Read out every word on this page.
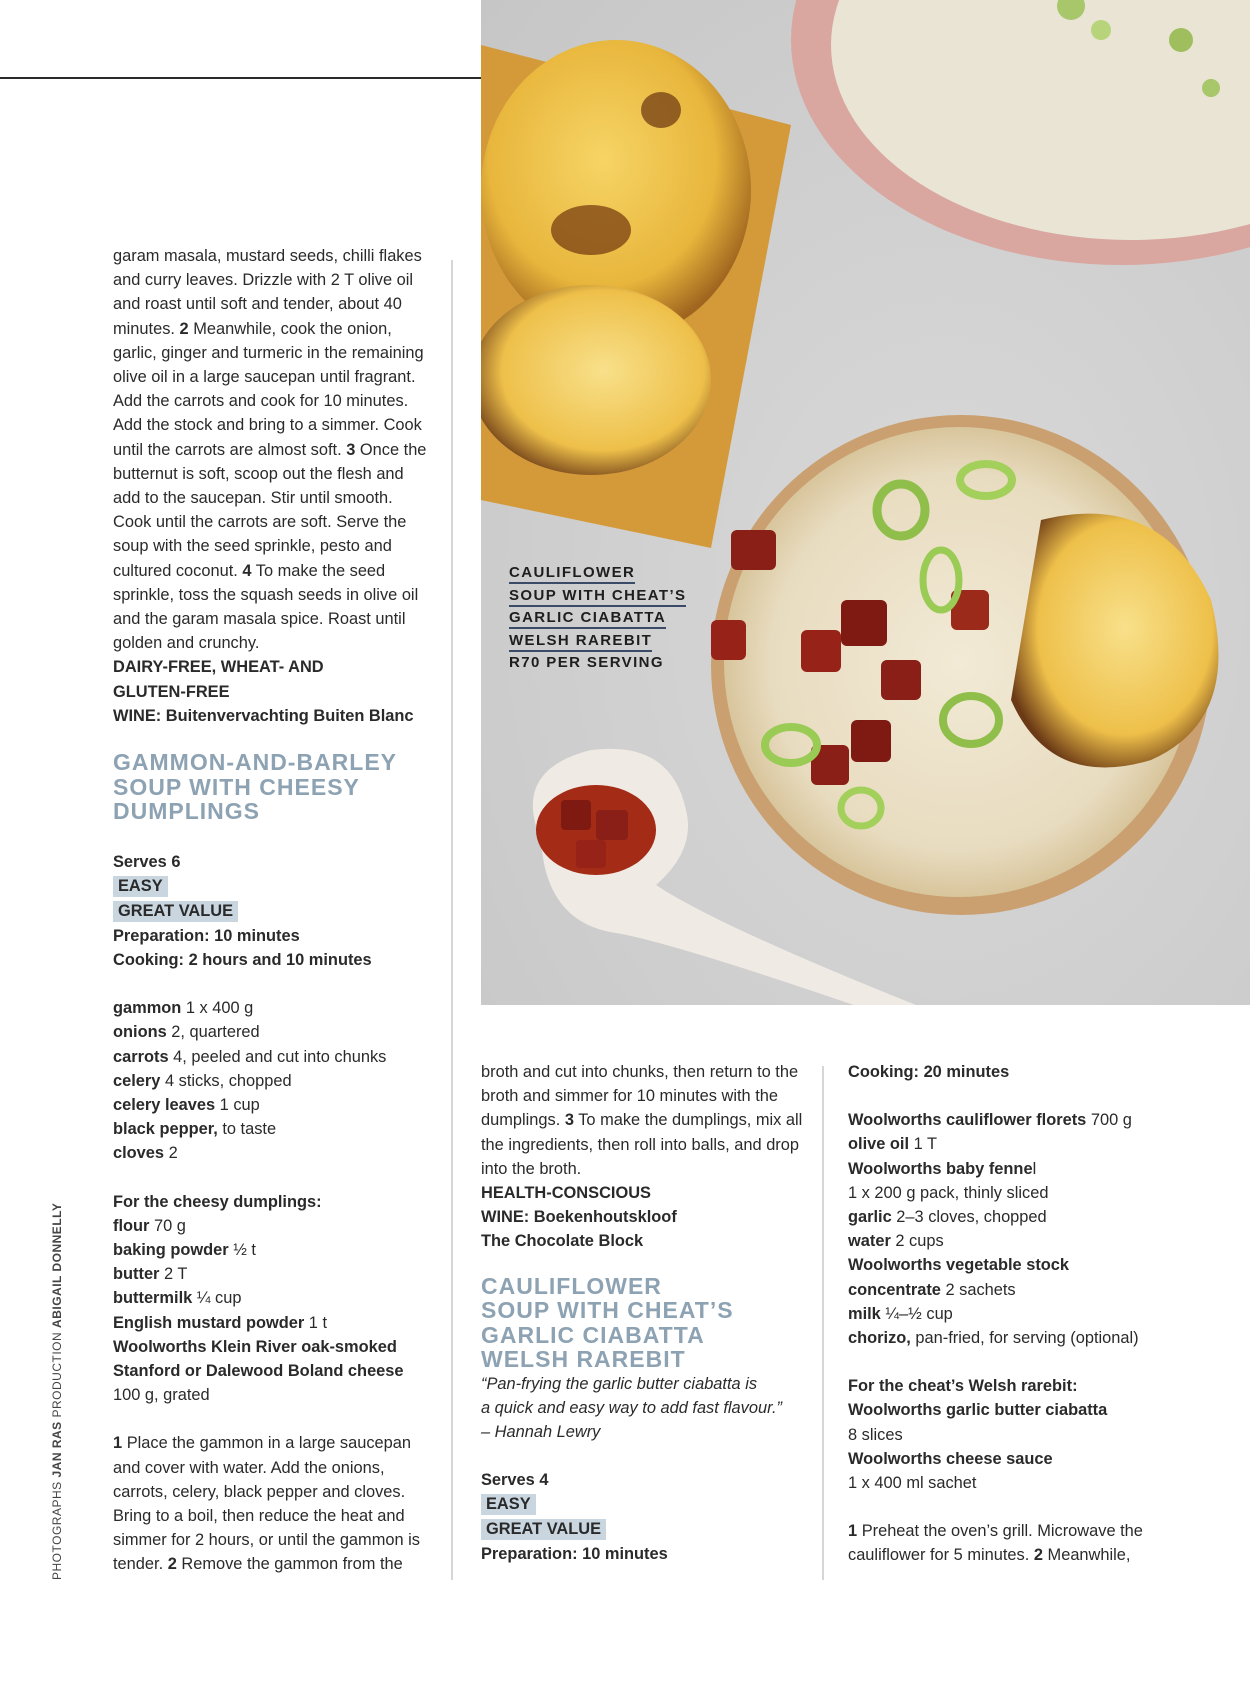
CAULIFLOWER
SOUP WITH CHEAT’S
GARLIC CIABATTA
WELSH RAREBIT
R70 PER SERVING
PHOTOGRAPHS JAN RAS PRODUCTION ABIGAIL DONNELLY

garam masala, mustard seeds, chilli flakes and curry leaves. Drizzle with 2 T olive oil and roast until soft and tender, about 40 minutes. 2 Meanwhile, cook the onion, garlic, ginger and turmeric in the remaining olive oil in a large saucepan until fragrant. Add the carrots and cook for 10 minutes. Add the stock and bring to a simmer. Cook until the carrots are almost soft. 3 Once the butternut is soft, scoop out the flesh and add to the saucepan. Stir until smooth. Cook until the carrots are soft. Serve the soup with the seed sprinkle, pesto and cultured coconut. 4 To make the seed sprinkle, toss the squash seeds in olive oil and the garam masala spice. Roast until golden and crunchy.

DAIRY-FREE, WHEAT- AND

GLUTEN-FREE

WINE: Buitenvervachting Buiten Blanc

GAMMON-AND-BARLEY
SOUP WITH CHEESY
DUMPLINGS

Serves 6

EASY
GREAT VALUE

Preparation: 10 minutes

Cooking: 2 hours and 10 minutes

gammon 1 x 400 g

onions 2, quartered

carrots 4, peeled and cut into chunks

celery 4 sticks, chopped

celery leaves 1 cup

black pepper, to taste

cloves 2

For the cheesy dumplings:

flour 70 g

baking powder ½ t

butter 2 T

buttermilk ¼ cup

English mustard powder 1 t

Woolworths Klein River oak-smoked

Stanford or Dalewood Boland cheese

100 g, grated

1 Place the gammon in a large saucepan and cover with water. Add the onions, carrots, celery, black pepper and cloves. Bring to a boil, then reduce the heat and simmer for 2 hours, or until the gammon is tender. 2 Remove the gammon from the

broth and cut into chunks, then return to the broth and simmer for 10 minutes with the dumplings. 3 To make the dumplings, mix all the ingredients, then roll into balls, and drop into the broth.

HEALTH-CONSCIOUS

WINE: Boekenhoutskloof

The Chocolate Block

CAULIFLOWER
SOUP WITH CHEAT’S
GARLIC CIABATTA
WELSH RAREBIT

“Pan-frying the garlic butter ciabatta is

a quick and easy way to add fast flavour.”

– Hannah Lewry

Serves 4

EASY
GREAT VALUE

Preparation: 10 minutes

Cooking: 20 minutes

Woolworths cauliflower florets 700 g

olive oil 1 T

Woolworths baby fennel

1 x 200 g pack, thinly sliced

garlic 2–3 cloves, chopped

water 2 cups

Woolworths vegetable stock

concentrate 2 sachets

milk ¼–½ cup

chorizo, pan-fried, for serving (optional)

For the cheat’s Welsh rarebit:

Woolworths garlic butter ciabatta

8 slices

Woolworths cheese sauce

1 x 400 ml sachet

1 Preheat the oven’s grill. Microwave the cauliflower for 5 minutes. 2 Meanwhile,
